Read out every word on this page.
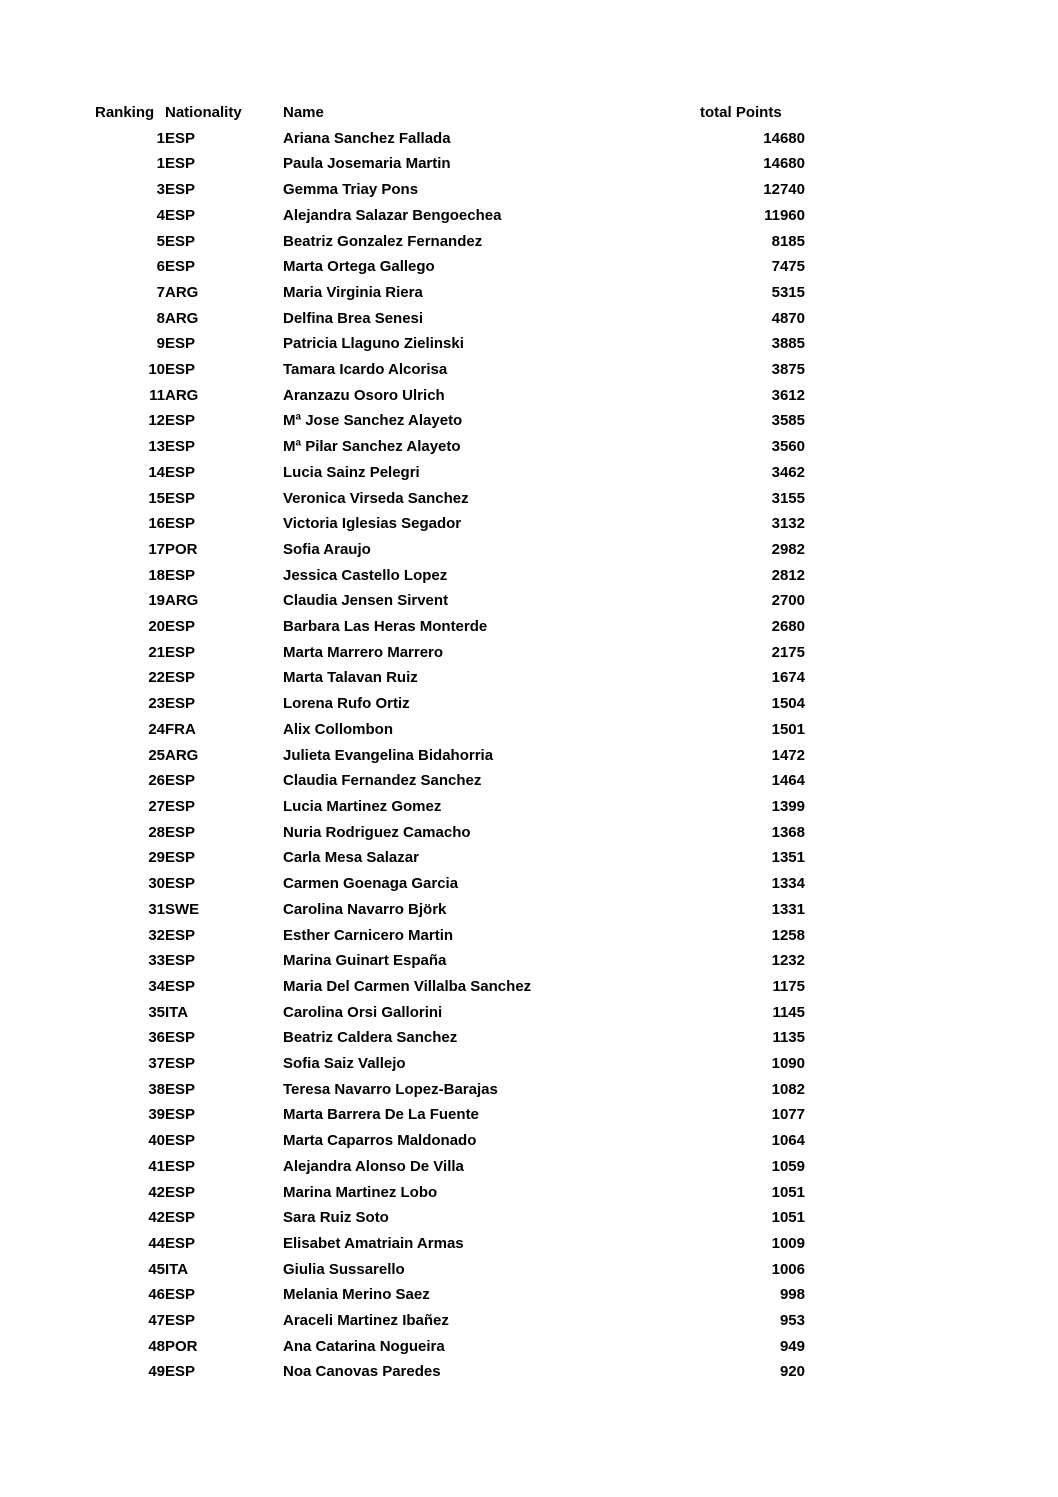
Ranking	Nationality	Name	total Points
1	ESP	Ariana Sanchez Fallada	14680
1	ESP	Paula Josemaria Martin	14680
3	ESP	Gemma Triay Pons	12740
4	ESP	Alejandra Salazar Bengoechea	11960
5	ESP	Beatriz Gonzalez Fernandez	8185
6	ESP	Marta Ortega Gallego	7475
7	ARG	Maria Virginia Riera	5315
8	ARG	Delfina Brea Senesi	4870
9	ESP	Patricia Llaguno Zielinski	3885
10	ESP	Tamara Icardo Alcorisa	3875
11	ARG	Aranzazu Osoro Ulrich	3612
12	ESP	Mª Jose Sanchez Alayeto	3585
13	ESP	Mª Pilar Sanchez Alayeto	3560
14	ESP	Lucia Sainz Pelegri	3462
15	ESP	Veronica Virseda Sanchez	3155
16	ESP	Victoria Iglesias Segador	3132
17	POR	Sofia Araujo	2982
18	ESP	Jessica Castello Lopez	2812
19	ARG	Claudia Jensen Sirvent	2700
20	ESP	Barbara Las Heras Monterde	2680
21	ESP	Marta Marrero Marrero	2175
22	ESP	Marta Talavan Ruiz	1674
23	ESP	Lorena Rufo Ortiz	1504
24	FRA	Alix Collombon	1501
25	ARG	Julieta Evangelina Bidahorria	1472
26	ESP	Claudia Fernandez Sanchez	1464
27	ESP	Lucia Martinez Gomez	1399
28	ESP	Nuria Rodriguez Camacho	1368
29	ESP	Carla Mesa Salazar	1351
30	ESP	Carmen Goenaga Garcia	1334
31	SWE	Carolina Navarro Björk	1331
32	ESP	Esther Carnicero Martin	1258
33	ESP	Marina Guinart España	1232
34	ESP	Maria Del Carmen Villalba Sanchez	1175
35	ITA	Carolina Orsi Gallorini	1145
36	ESP	Beatriz Caldera Sanchez	1135
37	ESP	Sofia Saiz Vallejo	1090
38	ESP	Teresa Navarro Lopez-Barajas	1082
39	ESP	Marta Barrera De La Fuente	1077
40	ESP	Marta Caparros Maldonado	1064
41	ESP	Alejandra Alonso De Villa	1059
42	ESP	Marina Martinez Lobo	1051
42	ESP	Sara Ruiz Soto	1051
44	ESP	Elisabet Amatriain Armas	1009
45	ITA	Giulia Sussarello	1006
46	ESP	Melania Merino Saez	998
47	ESP	Araceli Martinez Ibañez	953
48	POR	Ana Catarina Nogueira	949
49	ESP	Noa Canovas Paredes	920
